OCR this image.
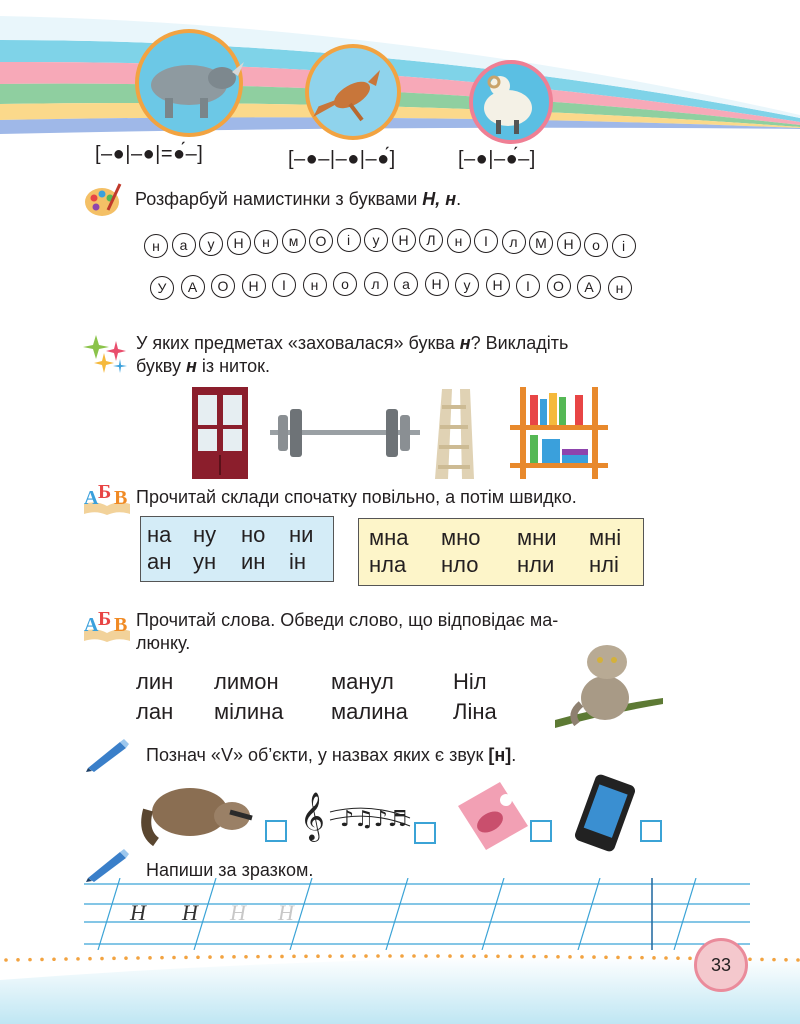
[–●|–●|=●́–]	[–●–|–●|–●́]	[–●|–●́–]
Розфарбуй намистинки з буквами Н, н.
н	а	у	Н	н	м	О	і	у	Н	Л	н	І	л	М	Н	о	і
У	А	О	Н	І	н	о	л	а	Н	у	Н	І	О	А	н
У яких предметах «заховалася» буква н? Викладіть
букву н із ниток.
А Б В Прочитай склади спочатку повільно, а потім швидко.
на ну но ни
ан ун ин ін
мна мно мни мні
нла нло нли нлі
А Б В Прочитай слова. Обведи слово, що відповідає ма-
люнку.
лин лимон манул	Ніл
лан мілина малина Ліна
Познач «V» об’єкти, у назвах яких є звук [н].
𝄞 ♪♫♪♬
Напиши за зразком.
Н Н Н Н
33
